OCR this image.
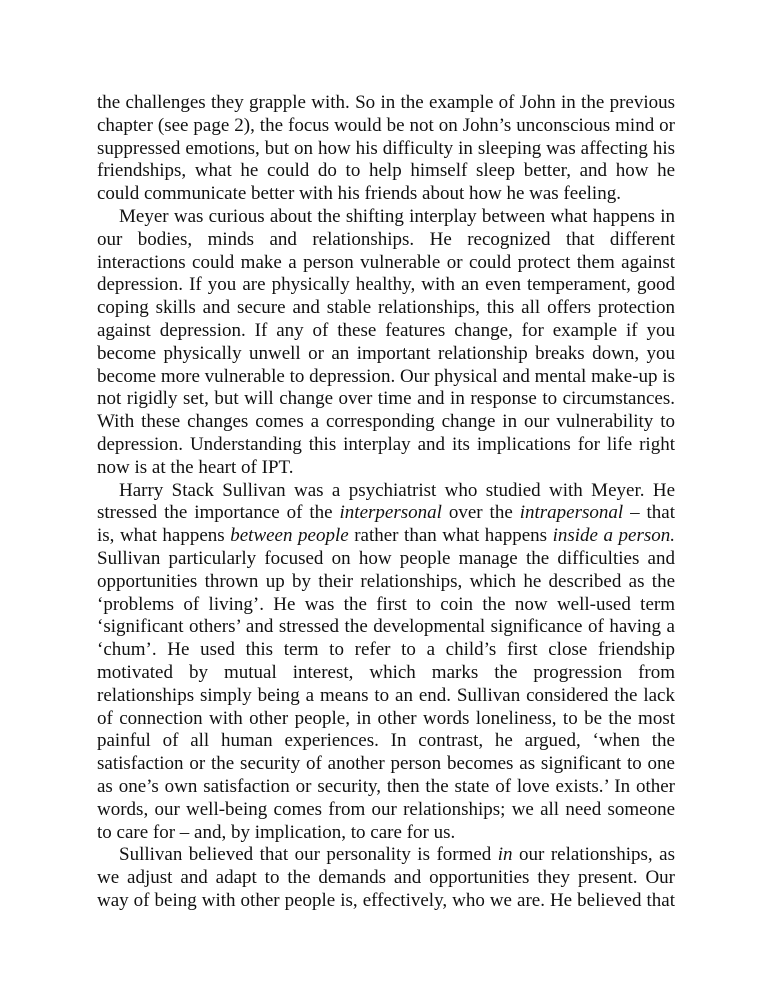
the challenges they grapple with. So in the example of John in the previous chapter (see page 2), the focus would be not on John’s unconscious mind or suppressed emotions, but on how his difficulty in sleeping was affecting his friendships, what he could do to help himself sleep better, and how he could communicate better with his friends about how he was feeling.

Meyer was curious about the shifting interplay between what happens in our bodies, minds and relationships. He recognized that different interactions could make a person vulnerable or could protect them against depression. If you are physically healthy, with an even temperament, good coping skills and secure and stable relationships, this all offers protection against depression. If any of these features change, for example if you become physically unwell or an important relationship breaks down, you become more vulnerable to depression. Our physical and mental make-up is not rigidly set, but will change over time and in response to circumstances. With these changes comes a corresponding change in our vulnerability to depression. Understanding this interplay and its implications for life right now is at the heart of IPT.

Harry Stack Sullivan was a psychiatrist who studied with Meyer. He stressed the importance of the interpersonal over the intrapersonal – that is, what happens between people rather than what happens inside a person. Sullivan particularly focused on how people manage the difficulties and opportunities thrown up by their relationships, which he described as the ‘problems of living’. He was the first to coin the now well-used term ‘significant others’ and stressed the developmental significance of having a ‘chum’. He used this term to refer to a child’s first close friendship motivated by mutual interest, which marks the progression from relationships simply being a means to an end. Sullivan considered the lack of connection with other people, in other words loneliness, to be the most painful of all human experiences. In contrast, he argued, ‘when the satisfaction or the security of another person becomes as significant to one as one’s own satisfaction or security, then the state of love exists.’ In other words, our well-being comes from our relationships; we all need someone to care for – and, by implication, to care for us.

Sullivan believed that our personality is formed in our relationships, as we adjust and adapt to the demands and opportunities they present. Our way of being with other people is, effectively, who we are. He believed that
